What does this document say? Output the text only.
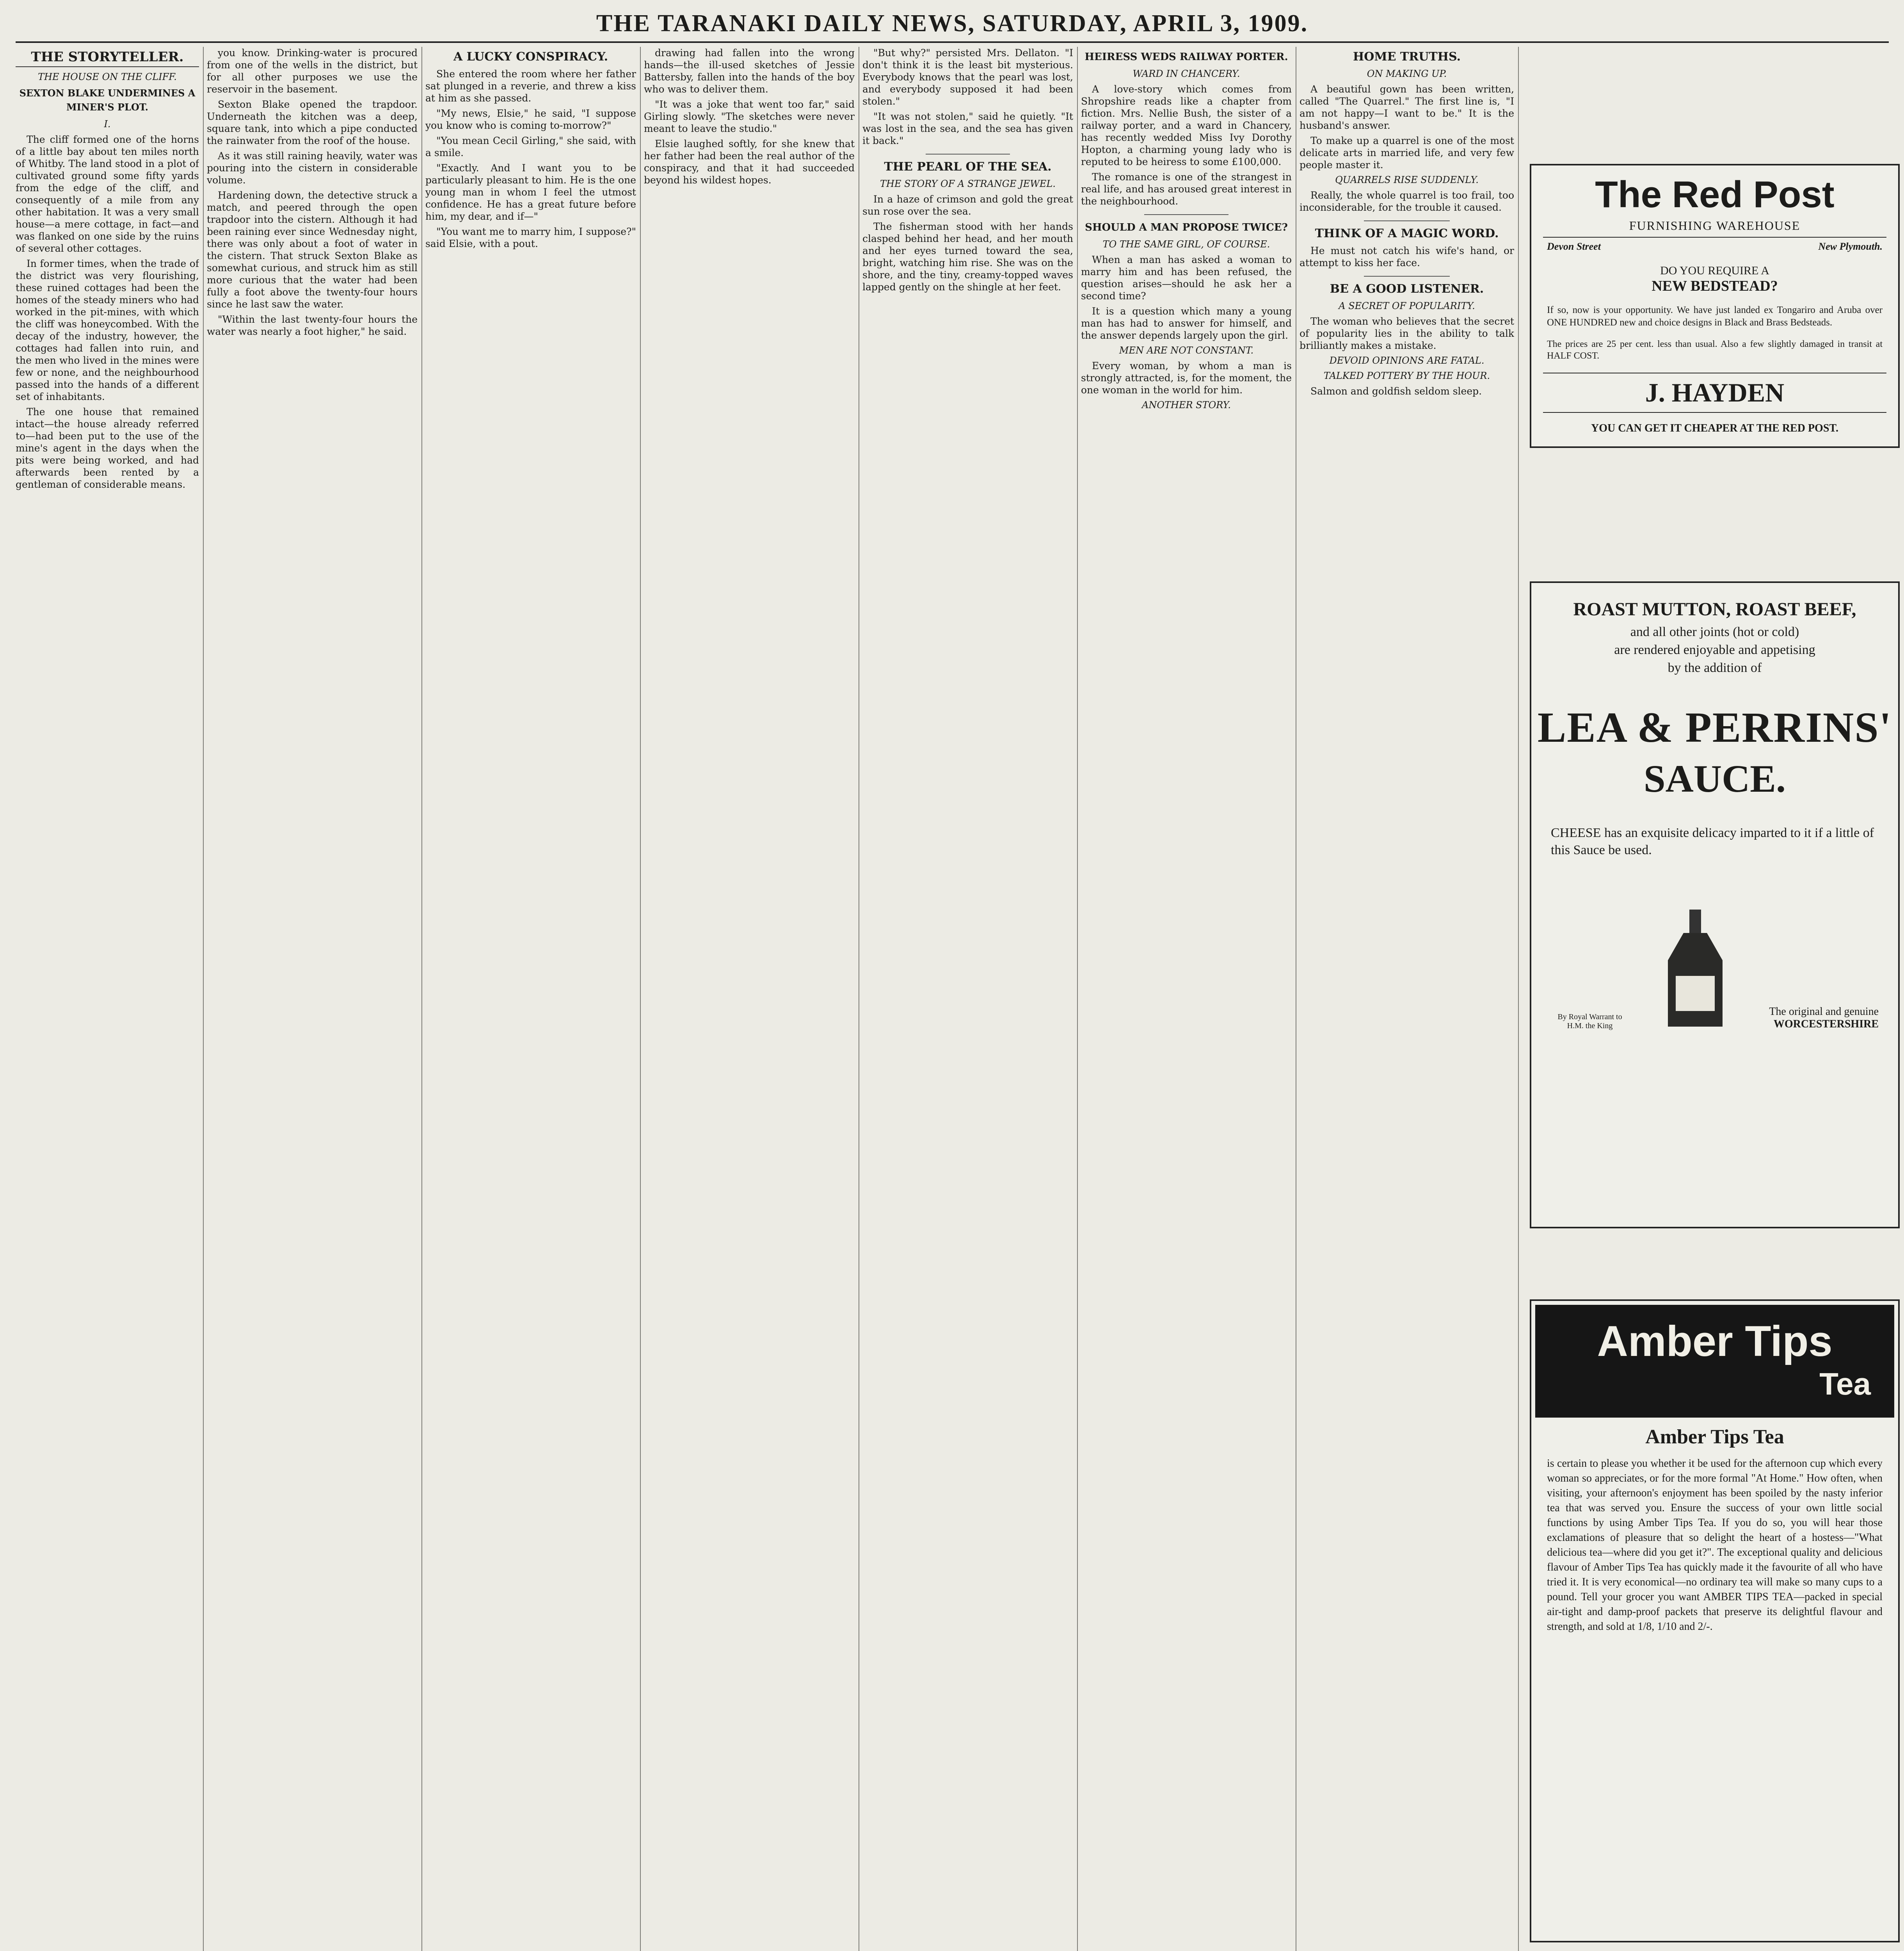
THE TARANAKI DAILY NEWS, SATURDAY, APRIL 3, 1909.
THE STORYTELLER.
THE HOUSE ON THE CLIFF.
SEXTON BLAKE UNDERMINES A MINER'S PLOT.
I.

The cliff formed one of the horns of a little bay about ten miles north of Whitby. The land stood in a plot of cultivated ground some fifty yards from the edge of the cliff, and consequently of a mile from any other habitation. It was a very small house—a mere cottage, in fact—and was flanked on one side by the ruins of several other cottages.

In former times, when the trade of the district was very flourishing, these ruined cottages had been the homes of the steady miners who had worked in the pit-mines, with which the cliff was honeycombed. With the decay of the industry, however, the cottages had fallen into ruin, and the men who lived in the mines were few or none, and the neighbourhood passed into the hands of a different set of inhabitants.

The one house that remained intact—the house already referred to—had been put to the use of the mine's agent in the days when the pits were being worked, and had afterwards been rented by a gentleman of considerable means.

you know. Drinking-water is procured from one of the wells in the district, but for all other purposes we use the reservoir in the basement.

Sexton Blake opened the trapdoor. Underneath the kitchen was a deep, square tank, into which a pipe conducted the rainwater from the roof of the house.

As it was still raining heavily, water was pouring into the cistern in considerable volume.

Hardening down, the detective struck a match, and peered through the open trapdoor into the cistern. Although it had been raining ever since Wednesday night, there was only about a foot of water in the cistern. That struck Sexton Blake as somewhat curious, and struck him as still more curious that the water had been fully a foot above the twenty-four hours since he last saw the water.

"Within the last twenty-four hours the water was nearly a foot higher," he said.

A LUCKY CONSPIRACY.

She entered the room where her father sat plunged in a reverie, and threw a kiss at him as she passed.

"My news, Elsie," he said, "I suppose you know who is coming to-morrow?"

"You mean Cecil Girling," she said, with a smile.

"Exactly. And I want you to be particularly pleasant to him. He is the one young man in whom I feel the utmost confidence. He has a great future before him, my dear, and if—"

"You want me to marry him, I suppose?" said Elsie, with a pout.

drawing had fallen into the wrong hands—the ill-used sketches of Jessie Battersby, fallen into the hands of the boy who was to deliver them.

"It was a joke that went too far," said Girling slowly. "The sketches were never meant to leave the studio."

Elsie laughed softly, for she knew that her father had been the real author of the conspiracy, and that it had succeeded beyond his wildest hopes.

"But why?" persisted Mrs. Dellaton. "I don't think it is the least bit mysterious. Everybody knows that the pearl was lost, and everybody supposed it had been stolen."

"It was not stolen," said he quietly. "It was lost in the sea, and the sea has given it back."

THE PEARL OF THE SEA.
THE STORY OF A STRANGE JEWEL.

In a haze of crimson and gold the great sun rose over the sea.

The fisherman stood with her hands clasped behind her head, and her mouth and her eyes turned toward the sea, bright, watching him rise. She was on the shore, and the tiny, creamy-topped waves lapped gently on the shingle at her feet.

HEIRESS WEDS RAILWAY PORTER.
WARD IN CHANCERY.

A love-story which comes from Shropshire reads like a chapter from fiction. Mrs. Nellie Bush, the sister of a railway porter, and a ward in Chancery, has recently wedded Miss Ivy Dorothy Hopton, a charming young lady who is reputed to be heiress to some £100,000.

The romance is one of the strangest in real life, and has aroused great interest in the neighbourhood.

SHOULD A MAN PROPOSE TWICE?
TO THE SAME GIRL, OF COURSE.

When a man has asked a woman to marry him and has been refused, the question arises—should he ask her a second time?

It is a question which many a young man has had to answer for himself, and the answer depends largely upon the girl.

MEN ARE NOT CONSTANT.

Every woman, by whom a man is strongly attracted, is, for the moment, the one woman in the world for him.

ANOTHER STORY.
HOME TRUTHS.
ON MAKING UP.

A beautiful gown has been written, called "The Quarrel." The first line is, "I am not happy—I want to be." It is the husband's answer.

To make up a quarrel is one of the most delicate arts in married life, and very few people master it.

QUARRELS RISE SUDDENLY.

Really, the whole quarrel is too frail, too inconsiderable, for the trouble it caused.

THINK OF A MAGIC WORD.

He must not catch his wife's hand, or attempt to kiss her face.

BE A GOOD LISTENER.
A SECRET OF POPULARITY.

The woman who believes that the secret of popularity lies in the ability to talk brilliantly makes a mistake.

DEVOID OPINIONS ARE FATAL.
TALKED POTTERY BY THE HOUR.

Salmon and goldfish seldom sleep.

The Red Post
FURNISHING WAREHOUSE
Devon Street	New Plymouth.
DO YOU REQUIRE A
NEW BEDSTEAD?
If so, now is your opportunity. We have just landed ex Tongariro and Aruba over ONE HUNDRED new and choice designs in Black and Brass Bedsteads.
The prices are 25 per cent. less than usual. Also a few slightly damaged in transit at HALF COST.
J. HAYDEN
YOU CAN GET IT CHEAPER AT THE RED POST.
ROAST MUTTON, ROAST BEEF,
and all other joints (hot or cold)
are rendered enjoyable and appetising
by the addition of
LEA & PERRINS'
SAUCE.
CHEESE has an exquisite delicacy imparted to it if a little of this Sauce be used.
By Royal Warrant to H.M. the King
The original and genuine
WORCESTERSHIRE
Amber Tips
Tea
Amber Tips Tea
is certain to please you whether it be used for the afternoon cup which every woman so appreciates, or for the more formal "At Home." How often, when visiting, your afternoon's enjoyment has been spoiled by the nasty inferior tea that was served you. Ensure the success of your own little social functions by using Amber Tips Tea. If you do so, you will hear those exclamations of pleasure that so delight the heart of a hostess—"What delicious tea—where did you get it?". The exceptional quality and delicious flavour of Amber Tips Tea has quickly made it the favourite of all who have tried it. It is very economical—no ordinary tea will make so many cups to a pound. Tell your grocer you want AMBER TIPS TEA—packed in special air-tight and damp-proof packets that preserve its delightful flavour and strength, and sold at 1/8, 1/10 and 2/-.
